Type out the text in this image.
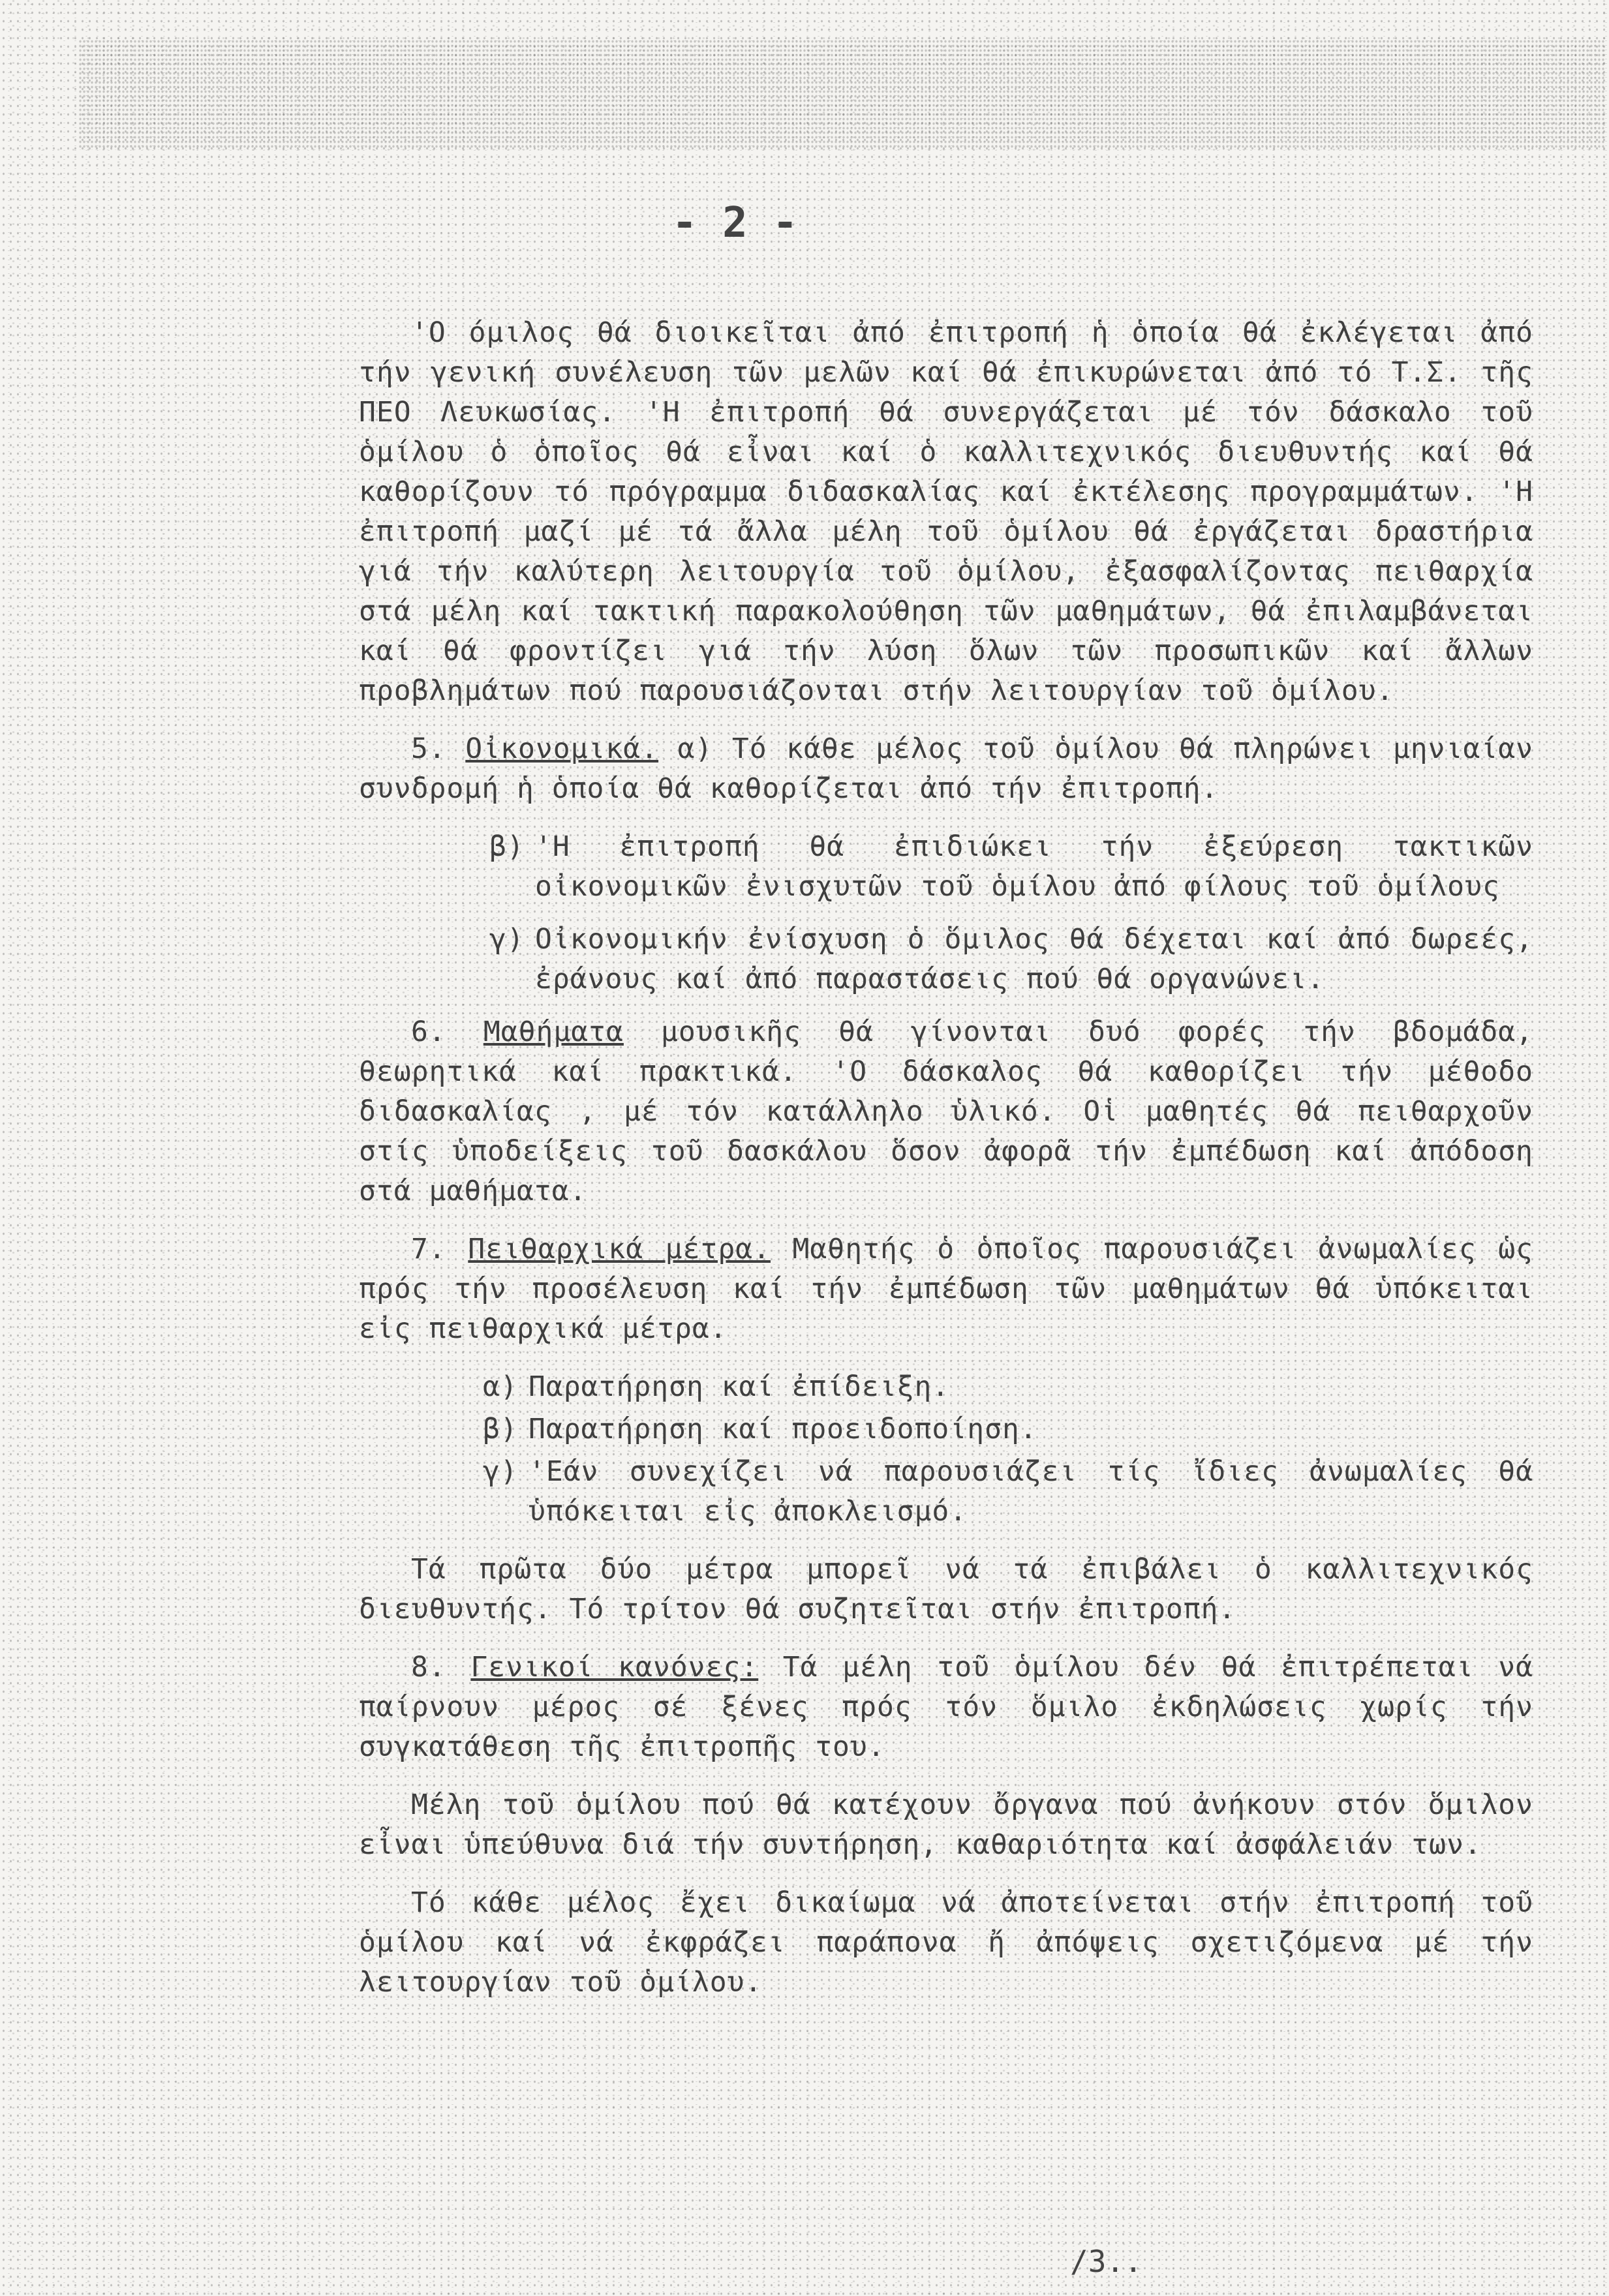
- 2 -

'Ο όμιλος θά διοικεῖται ἀπό ἐπιτροπή ἡ ὁποία θά ἐκλέγεται ἀπό τήν γενική συνέλευση τῶν μελῶν καί θά ἐπικυρώνεται ἀπό τό Τ.Σ. τῆς ΠΕΟ Λευκωσίας. 'Η ἐπιτροπή θά συνεργάζεται μέ τόν δάσκαλο τοῦ ὁμίλου ὁ ὁποῖος θά εἶναι καί ὁ καλλιτεχνικός διευθυντής καί θά καθορίζουν τό πρόγραμμα διδασκαλίας καί ἐκτέλεσης προγραμμάτων. 'Η ἐπιτροπή μαζί μέ τά ἄλλα μέλη τοῦ ὁμίλου θά ἐργάζεται δραστήρια γιά τήν καλύτερη λειτουργία τοῦ ὁμίλου, ἐξασφαλίζοντας πειθαρχία στά μέλη καί τακτική παρακολούθηση τῶν μαθημάτων, θά ἐπιλαμβάνεται καί θά φροντίζει γιά τήν λύση ὅλων τῶν προσωπικῶν καί ἄλλων προβλημάτων πού παρουσιάζονται στήν λειτουργίαν τοῦ ὁμίλου.

5. Οἰκονομικά. α) Τό κάθε μέλος τοῦ ὁμίλου θά πληρώνει μηνιαίαν συνδρομή ἡ ὁποία θά καθορίζεται ἀπό τήν ἐπιτροπή.

β) 'Η ἐπιτροπή θά ἐπιδιώκει τήν ἐξεύρεση τακτικῶν οἰκονομικῶν ἐνισχυτῶν τοῦ ὁμίλου ἀπό φίλους τοῦ ὁμίλους
γ) Οἰκονομικήν ἐνίσχυση ὁ ὅμιλος θά δέχεται καί ἀπό δωρεές, ἐράνους καί ἀπό παραστάσεις πού θά οργανώνει.

6. Μαθήματα μουσικῆς θά γίνονται δυό φορές τήν βδομάδα, θεωρητικά καί πρακτικά. 'Ο δάσκαλος θά καθορίζει τήν μέθοδο διδασκαλίας , μέ τόν κατάλληλο ὑλικό. Οἱ μαθητές θά πειθαρχοῦν στίς ὑποδείξεις τοῦ δασκάλου ὅσον ἀφορᾶ τήν ἐμπέδωση καί ἀπόδοση στά μαθήματα.

7. Πειθαρχικά μέτρα. Μαθητής ὁ ὁποῖος παρουσιάζει ἀνωμαλίες ὡς πρός τήν προσέλευση καί τήν ἐμπέδωση τῶν μαθημάτων θά ὑπόκειται εἰς πειθαρχικά μέτρα.

α) Παρατήρηση καί ἐπίδειξη.
β) Παρατήρηση καί προειδοποίηση.
γ) 'Εάν συνεχίζει νά παρουσιάζει τίς ἴδιες ἀνωμαλίες θά ὑπόκειται εἰς ἀποκλεισμό.

Τά πρῶτα δύο μέτρα μπορεῖ νά τά ἐπιβάλει ὁ καλλιτεχνικός διευθυντής. Τό τρίτον θά συζητεῖται στήν ἐπιτροπή.

8. Γενικοί κανόνες: Τά μέλη τοῦ ὁμίλου δέν θά ἐπιτρέπεται νά παίρνουν μέρος σέ ξένες πρός τόν ὅμιλο ἐκδηλώσεις χωρίς τήν συγκατάθεση τῆς ἐπιτροπῆς του.

Μέλη τοῦ ὁμίλου πού θά κατέχουν ὄργανα πού ἀνήκουν στόν ὅμιλον εἶναι ὑπεύθυνα διά τήν συντήρηση, καθαριότητα καί ἀσφάλειάν των.

Τό κάθε μέλος ἔχει δικαίωμα νά ἀποτείνεται στήν ἐπιτροπή τοῦ ὁμίλου καί νά ἐκφράζει παράπονα ἤ ἀπόψεις σχετιζόμενα μέ τήν λειτουργίαν τοῦ ὁμίλου.

/3..
